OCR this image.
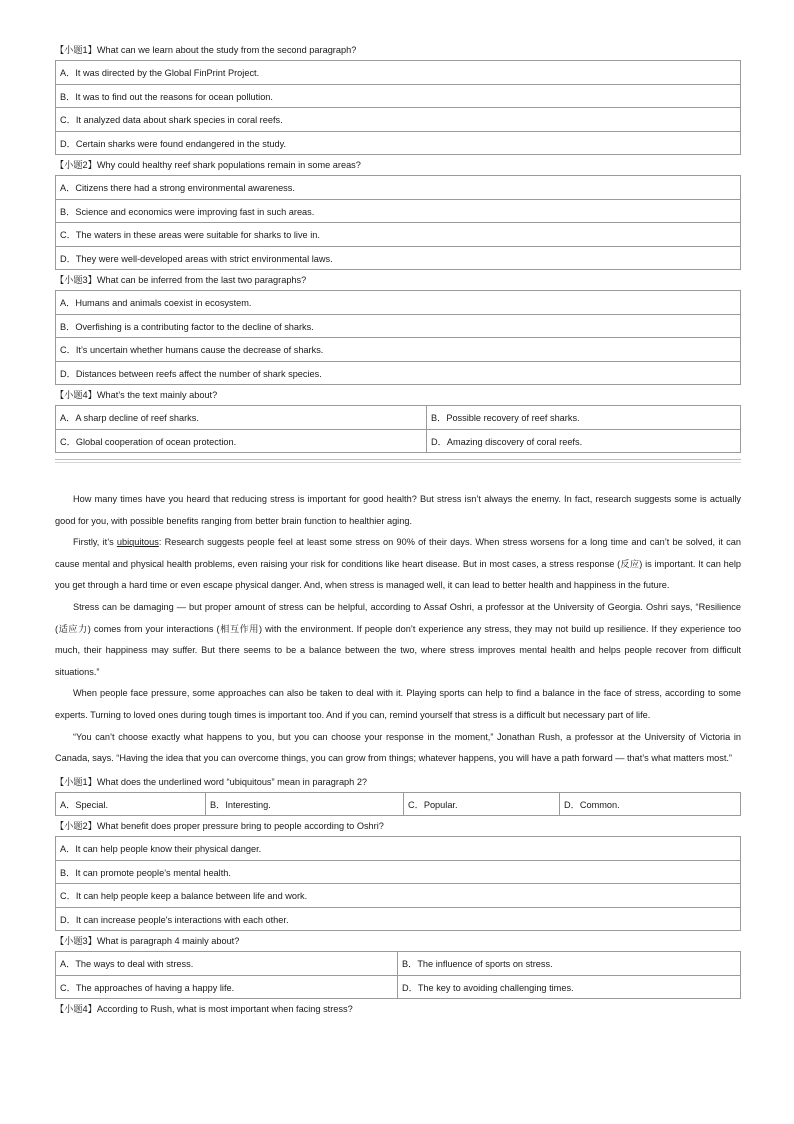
【小题1】What can we learn about the study from the second paragraph?
A．It was directed by the Global FinPrint Project.
B．It was to find out the reasons for ocean pollution.
C．It analyzed data about shark species in coral reefs.
D．Certain sharks were found endangered in the study.
【小题2】Why could healthy reef shark populations remain in some areas?
A．Citizens there had a strong environmental awareness.
B．Science and economics were improving fast in such areas.
C．The waters in these areas were suitable for sharks to live in.
D．They were well-developed areas with strict environmental laws.
【小题3】What can be inferred from the last two paragraphs?
A．Humans and animals coexist in ecosystem.
B．Overfishing is a contributing factor to the decline of sharks.
C．It’s uncertain whether humans cause the decrease of sharks.
D．Distances between reefs affect the number of shark species.
【小题4】What’s the text mainly about?
A．A sharp decline of reef sharks.	B．Possible recovery of reef sharks.
C．Global cooperation of ocean protection.	D．Amazing discovery of coral reefs.
How many times have you heard that reducing stress is important for good health? But stress isn’t always the enemy. In fact, research suggests some is actually good for you, with possible benefits ranging from better brain function to healthier aging.
Firstly, it’s ubiquitous: Research suggests people feel at least some stress on 90% of their days. When stress worsens for a long time and can’t be solved, it can cause mental and physical health problems, even raising your risk for conditions like heart disease. But in most cases, a stress response (反应) is important. It can help you get through a hard time or even escape physical danger. And, when stress is managed well, it can lead to better health and happiness in the future.
Stress can be damaging — but proper amount of stress can be helpful, according to Assaf Oshri, a professor at the University of Georgia. Oshri says, “Resilience (适应力) comes from your interactions (相互作用) with the environment. If people don’t experience any stress, they may not build up resilience. If they experience too much, their happiness may suffer. But there seems to be a balance between the two, where stress improves mental health and helps people recover from difficult situations.”
When people face pressure, some approaches can also be taken to deal with it. Playing sports can help to find a balance in the face of stress, according to some experts. Turning to loved ones during tough times is important too. And if you can, remind yourself that stress is a difficult but necessary part of life.
“You can’t choose exactly what happens to you, but you can choose your response in the moment,” Jonathan Rush, a professor at the University of Victoria in Canada, says. “Having the idea that you can overcome things, you can grow from things; whatever happens, you will have a path forward — that’s what matters most.”
【小题1】What does the underlined word “ubiquitous” mean in paragraph 2?
A．Special.	B．Interesting.	C．Popular.	D．Common.
【小题2】What benefit does proper pressure bring to people according to Oshri?
A．It can help people know their physical danger.
B．It can promote people’s mental health.
C．It can help people keep a balance between life and work.
D．It can increase people's interactions with each other.
【小题3】What is paragraph 4 mainly about?
A．The ways to deal with stress.	B．The influence of sports on stress.
C．The approaches of having a happy life.	D．The key to avoiding challenging times.
【小题4】According to Rush, what is most important when facing stress?
